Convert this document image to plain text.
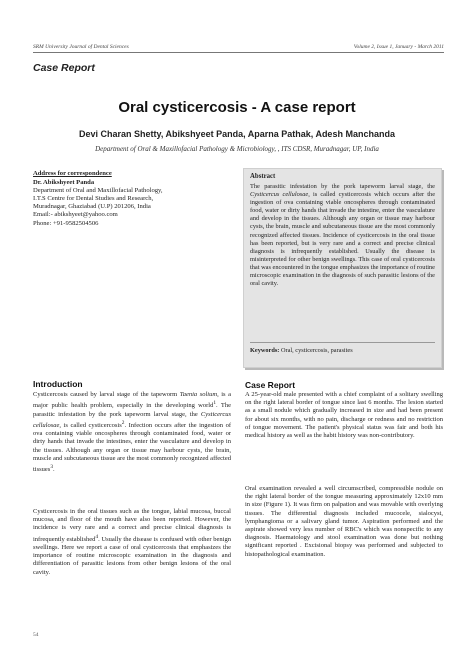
SRM University Journal of Dental Sciences	Volume 2, Issue 1, January - March 2011
Case Report
Oral cysticercosis - A case report
Devi Charan Shetty, Abikshyeet Panda, Aparna Pathak, Adesh Manchanda
Department of Oral & Maxillofacial Pathology & Microbiology, , ITS CDSR, Muradnagar, UP, India
Address for correspondence
Dr. Abikshyeet Panda
Department of Oral and Maxillofacial Pathology,
I.T.S Centre for Dental Studies and Research,
Muradnagar, Ghaziabad (U.P) 201206, India
Email:- abikshyeet@yahoo.com
Phone: +91-9582504506
Abstract
The parasitic infestation by the pork tapeworm larval stage, the Cysticercus cellulosae, is called cysticercosis which occurs after the ingestion of ova containing viable oncospheres through contaminated food, water or dirty hands that invade the intestine, enter the vasculature and develop in the tissues. Although any organ or tissue may harbour cysts, the brain, muscle and subcutaneous tissue are the most commonly recognized affected tissues. Incidence of cysticercosis in the oral tissue has been reported, but is very rare and a correct and precise clinical diagnosis is infrequently established. Usually the disease is misinterpreted for other benign swellings. This case of oral cysticercosis that was encountered in the tongue emphasizes the importance of routine microscopic examination in the diagnosis of such parasitic lesions of the oral cavity.
Keywords: Oral, cysticercosis, parasites
Introduction
Cysticercosis caused by larval stage of the tapeworm Taenia solium, is a major public health problem, especially in the developing world$^1$. The parasitic infestation by the pork tapeworm larval stage, the Cysticercus cellulosae, is called cysticercosis$^2$. Infection occurs after the ingestion of ova containing viable oncospheres through contaminated food, water or dirty hands that invade the intestines, enter the vasculature and develop in the tissues. Although any organ or tissue may harbour cysts, the brain, muscle and subcutaneous tissue are the most commonly recognized affected tissues$^3$.
Cysticercosis in the oral tissues such as the tongue, labial mucosa, buccal mucosa, and floor of the mouth have also been reported. However, the incidence is very rare and a correct and precise clinical diagnosis is infrequently established$^4$. Usually the disease is confused with other benign swellings. Here we report a case of oral cysticercosis that emphasizes the importance of routine microscopic examination in the diagnosis and differentiation of parasitic lesions from other benign lesions of the oral cavity.
Case Report
A 25-year-old male presented with a chief complaint of a solitary swelling on the right lateral border of tongue since last 6 months. The lesion started as a small nodule which gradually increased in size and had been present for about six months, with no pain, discharge or redness and no restriction of tongue movement. The patient's physical status was fair and both his medical history as well as the habit history was non-contributory.
Oral examination revealed a well circumscribed, compressible nodule on the right lateral border of the tongue measuring approximately 12x10 mm in size (Figure 1). It was firm on palpation and was movable with overlying tissues. The differential diagnosis included mucocele, sialocyst, lymphangioma or a salivary gland tumor. Aspiration performed and the aspirate showed very less number of RBC's which was nonspecific to any diagnosis. Haematology and stool examination was done but nothing significant reported . Excisional biopsy was performed and subjected to histopathological examination.
54
